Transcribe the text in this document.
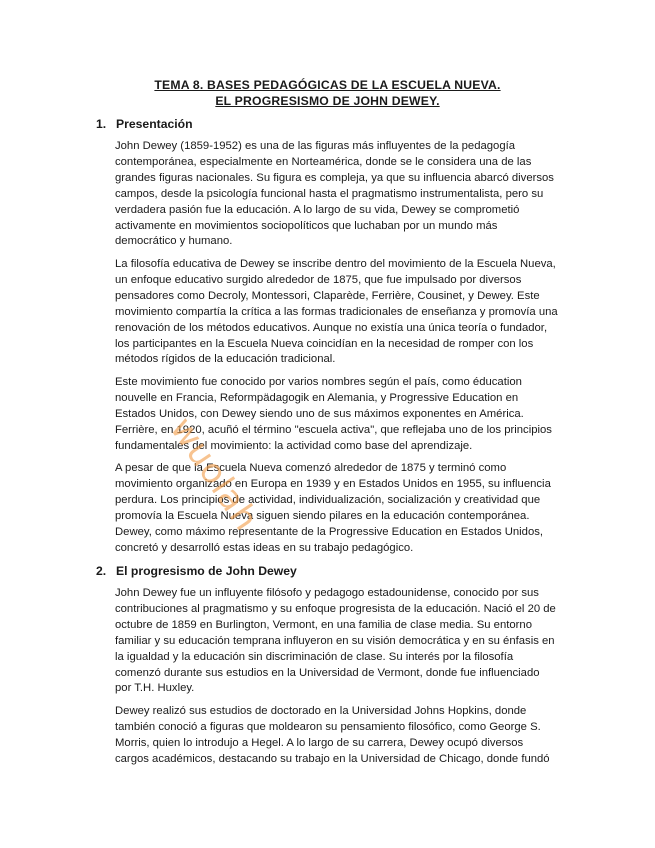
TEMA 8. BASES PEDAGÓGICAS DE LA ESCUELA NUEVA.
EL PROGRESISMO DE JOHN DEWEY.
1. Presentación
John Dewey (1859-1952) es una de las figuras más influyentes de la pedagogía
contemporánea, especialmente en Norteamérica, donde se le considera una de las
grandes figuras nacionales. Su figura es compleja, ya que su influencia abarcó diversos
campos, desde la psicología funcional hasta el pragmatismo instrumentalista, pero su
verdadera pasión fue la educación. A lo largo de su vida, Dewey se comprometió
activamente en movimientos sociopolíticos que luchaban por un mundo más
democrático y humano.
La filosofía educativa de Dewey se inscribe dentro del movimiento de la Escuela Nueva,
un enfoque educativo surgido alrededor de 1875, que fue impulsado por diversos
pensadores como Decroly, Montessori, Claparède, Ferrière, Cousinet, y Dewey. Este
movimiento compartía la crítica a las formas tradicionales de enseñanza y promovía una
renovación de los métodos educativos. Aunque no existía una única teoría o fundador,
los participantes en la Escuela Nueva coincidían en la necesidad de romper con los
métodos rígidos de la educación tradicional.
Este movimiento fue conocido por varios nombres según el país, como éducation
nouvelle en Francia, Reformpädagogik en Alemania, y Progressive Education en
Estados Unidos, con Dewey siendo uno de sus máximos exponentes en América.
Ferrière, en 1920, acuñó el término "escuela activa", que reflejaba uno de los principios
fundamentales del movimiento: la actividad como base del aprendizaje.
A pesar de que la Escuela Nueva comenzó alrededor de 1875 y terminó como
movimiento organizado en Europa en 1939 y en Estados Unidos en 1955, su influencia
perdura. Los principios de actividad, individualización, socialización y creatividad que
promovía la Escuela Nueva siguen siendo pilares en la educación contemporánea.
Dewey, como máximo representante de la Progressive Education en Estados Unidos,
concretó y desarrolló estas ideas en su trabajo pedagógico.
2. El progresismo de John Dewey
John Dewey fue un influyente filósofo y pedagogo estadounidense, conocido por sus
contribuciones al pragmatismo y su enfoque progresista de la educación. Nació el 20 de
octubre de 1859 en Burlington, Vermont, en una familia de clase media. Su entorno
familiar y su educación temprana influyeron en su visión democrática y en su énfasis en
la igualdad y la educación sin discriminación de clase. Su interés por la filosofía
comenzó durante sus estudios en la Universidad de Vermont, donde fue influenciado
por T.H. Huxley.
Dewey realizó sus estudios de doctorado en la Universidad Johns Hopkins, donde
también conoció a figuras que moldearon su pensamiento filosófico, como George S.
Morris, quien lo introdujo a Hegel. A lo largo de su carrera, Dewey ocupó diversos
cargos académicos, destacando su trabajo en la Universidad de Chicago, donde fundó
wuolah
